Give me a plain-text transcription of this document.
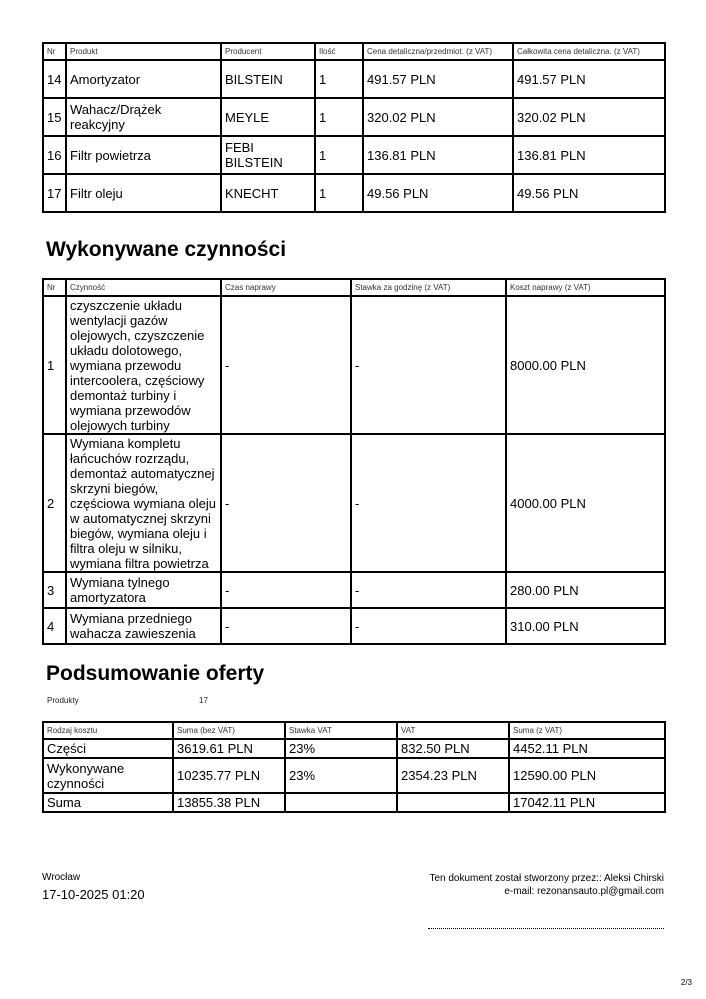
Nr	Produkt	Producent	Ilość	Cena detaliczna/przedmiot. (z VAT)	Całkowita cena detaliczna. (z VAT)
14	Amortyzator	BILSTEIN	1	491.57 PLN	491.57 PLN
15	Wahacz/Drążek reakcyjny	MEYLE	1	320.02 PLN	320.02 PLN
16	Filtr powietrza	FEBI BILSTEIN	1	136.81 PLN	136.81 PLN
17	Filtr oleju	KNECHT	1	49.56 PLN	49.56 PLN
Wykonywane czynności
Nr	Czynność	Czas naprawy	Stawka za godzinę (z VAT)	Koszt naprawy (z VAT)
1	czyszczenie układu wentylacji gazów olejowych, czyszczenie układu dolotowego, wymiana przewodu intercoolera, częściowy demontaż turbiny i wymiana przewodów olejowych turbiny	-	-	8000.00 PLN
2	Wymiana kompletu łańcuchów rozrządu, demontaż automatycznej skrzyni biegów, częściowa wymiana oleju w automatycznej skrzyni biegów, wymiana oleju i filtra oleju w silniku, wymiana filtra powietrza	-	-	4000.00 PLN
3	Wymiana tylnego amortyzatora	-	-	280.00 PLN
4	Wymiana przedniego wahacza zawieszenia	-	-	310.00 PLN
Podsumowanie oferty
Produkty	17
Rodzaj kosztu	Suma (bez VAT)	Stawka VAT	VAT	Suma (z VAT)
Części	3619.61 PLN	23%	832.50 PLN	4452.11 PLN
Wykonywane czynności	10235.77 PLN	23%	2354.23 PLN	12590.00 PLN
Suma	13855.38 PLN			17042.11 PLN
Wrocław
17-10-2025 01:20
Ten dokument został stworzony przez:: Aleksi Chirski
e-mail: rezonansauto.pl@gmail.com
2/3
